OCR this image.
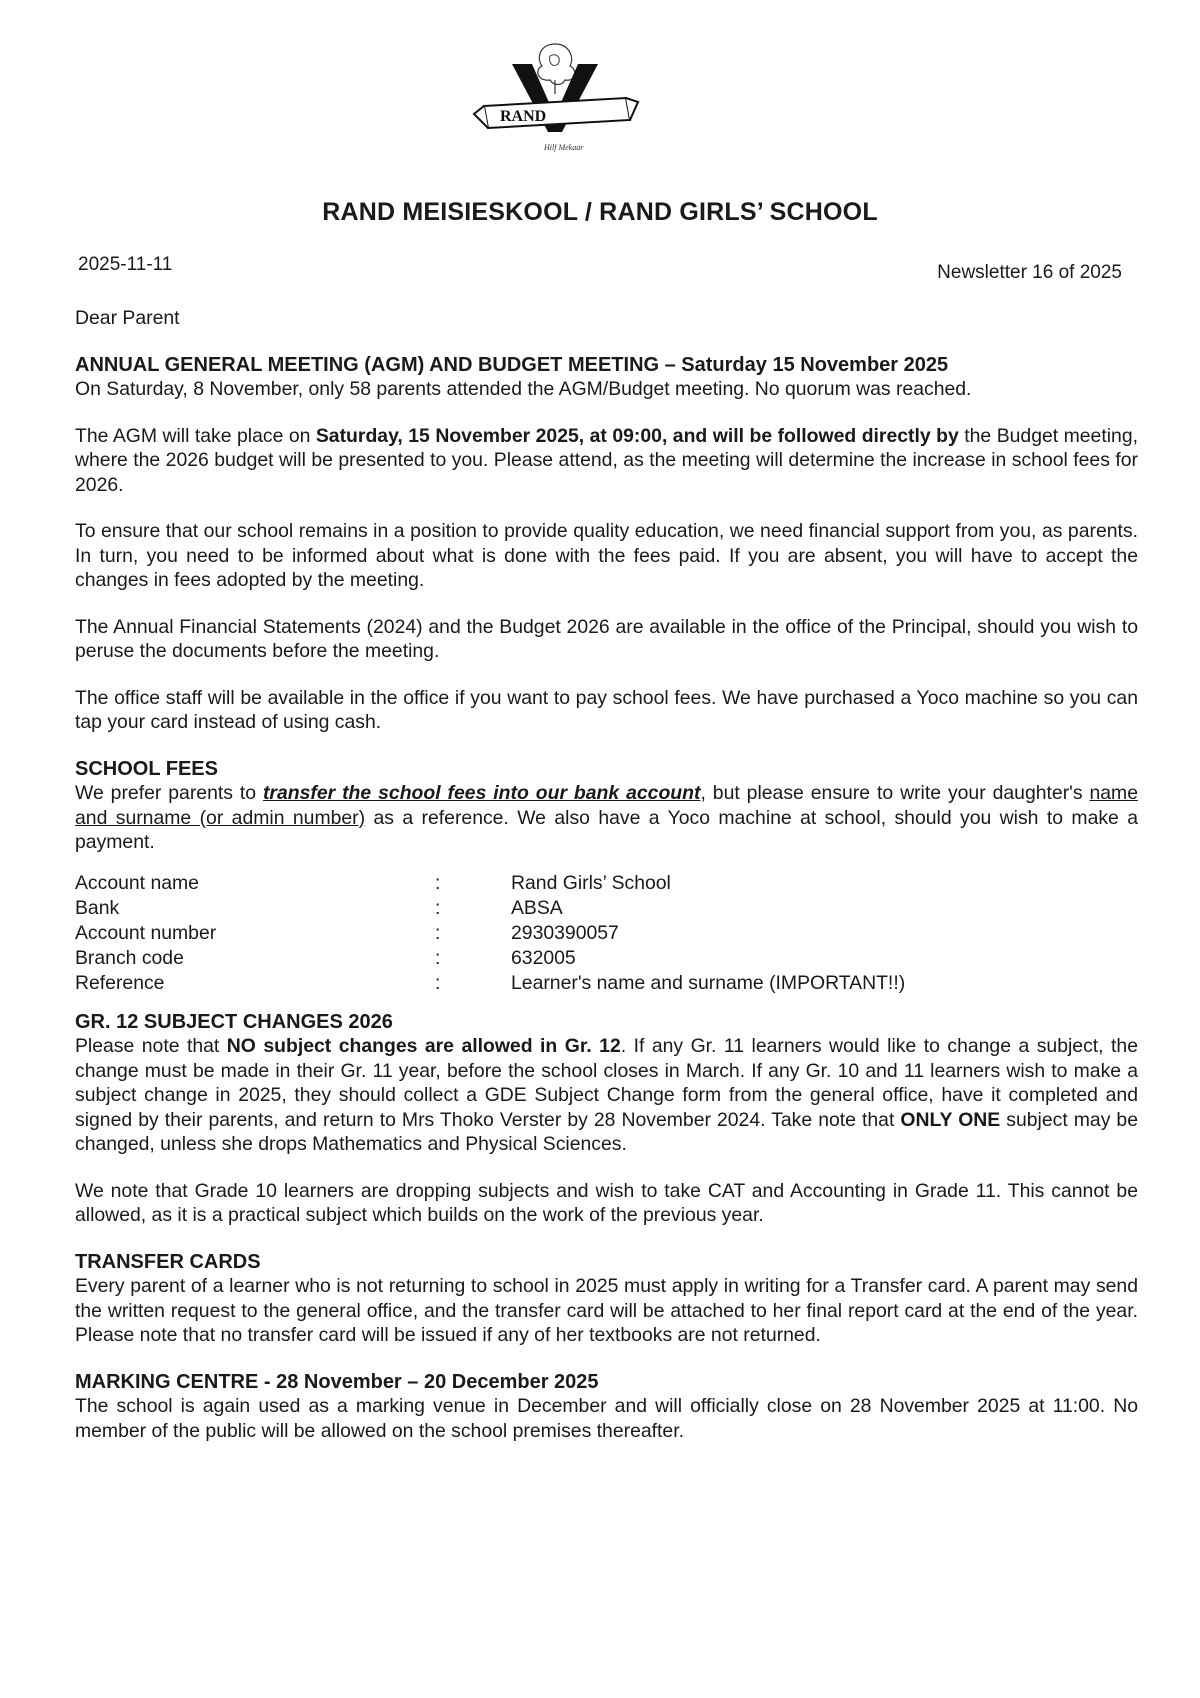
RAND
Hilf Mekaar
RAND MEISIESKOOL / RAND GIRLS’ SCHOOL
2025-11-11	Newsletter 16 of 2025

Dear Parent

ANNUAL GENERAL MEETING (AGM) AND BUDGET MEETING – Saturday 15 November 2025

On Saturday, 8 November, only 58 parents attended the AGM/Budget meeting. No quorum was reached.

The AGM will take place on Saturday, 15 November 2025, at 09:00, and will be followed directly by the Budget meeting, where the 2026 budget will be presented to you. Please attend, as the meeting will determine the increase in school fees for 2026.

To ensure that our school remains in a position to provide quality education, we need financial support from you, as parents. In turn, you need to be informed about what is done with the fees paid. If you are absent, you will have to accept the changes in fees adopted by the meeting.

The Annual Financial Statements (2024) and the Budget 2026 are available in the office of the Principal, should you wish to peruse the documents before the meeting.

The office staff will be available in the office if you want to pay school fees. We have purchased a Yoco machine so you can tap your card instead of using cash.

SCHOOL FEES

We prefer parents to transfer the school fees into our bank account, but please ensure to write your daughter's name and surname (or admin number) as a reference. We also have a Yoco machine at school, should you wish to make a payment.

Account name	:	Rand Girls’ School
Bank	:	ABSA
Account number	:	2930390057
Branch code	:	632005
Reference	:	Learner's name and surname (IMPORTANT!!)

GR. 12 SUBJECT CHANGES 2026

Please note that NO subject changes are allowed in Gr. 12. If any Gr. 11 learners would like to change a subject, the change must be made in their Gr. 11 year, before the school closes in March. If any Gr. 10 and 11 learners wish to make a subject change in 2025, they should collect a GDE Subject Change form from the general office, have it completed and signed by their parents, and return to Mrs Thoko Verster by 28 November 2024. Take note that ONLY ONE subject may be changed, unless she drops Mathematics and Physical Sciences.

We note that Grade 10 learners are dropping subjects and wish to take CAT and Accounting in Grade 11. This cannot be allowed, as it is a practical subject which builds on the work of the previous year.

TRANSFER CARDS

Every parent of a learner who is not returning to school in 2025 must apply in writing for a Transfer card. A parent may send the written request to the general office, and the transfer card will be attached to her final report card at the end of the year. Please note that no transfer card will be issued if any of her textbooks are not returned.

MARKING CENTRE - 28 November – 20 December 2025

The school is again used as a marking venue in December and will officially close on 28 November 2025 at 11:00. No member of the public will be allowed on the school premises thereafter.
